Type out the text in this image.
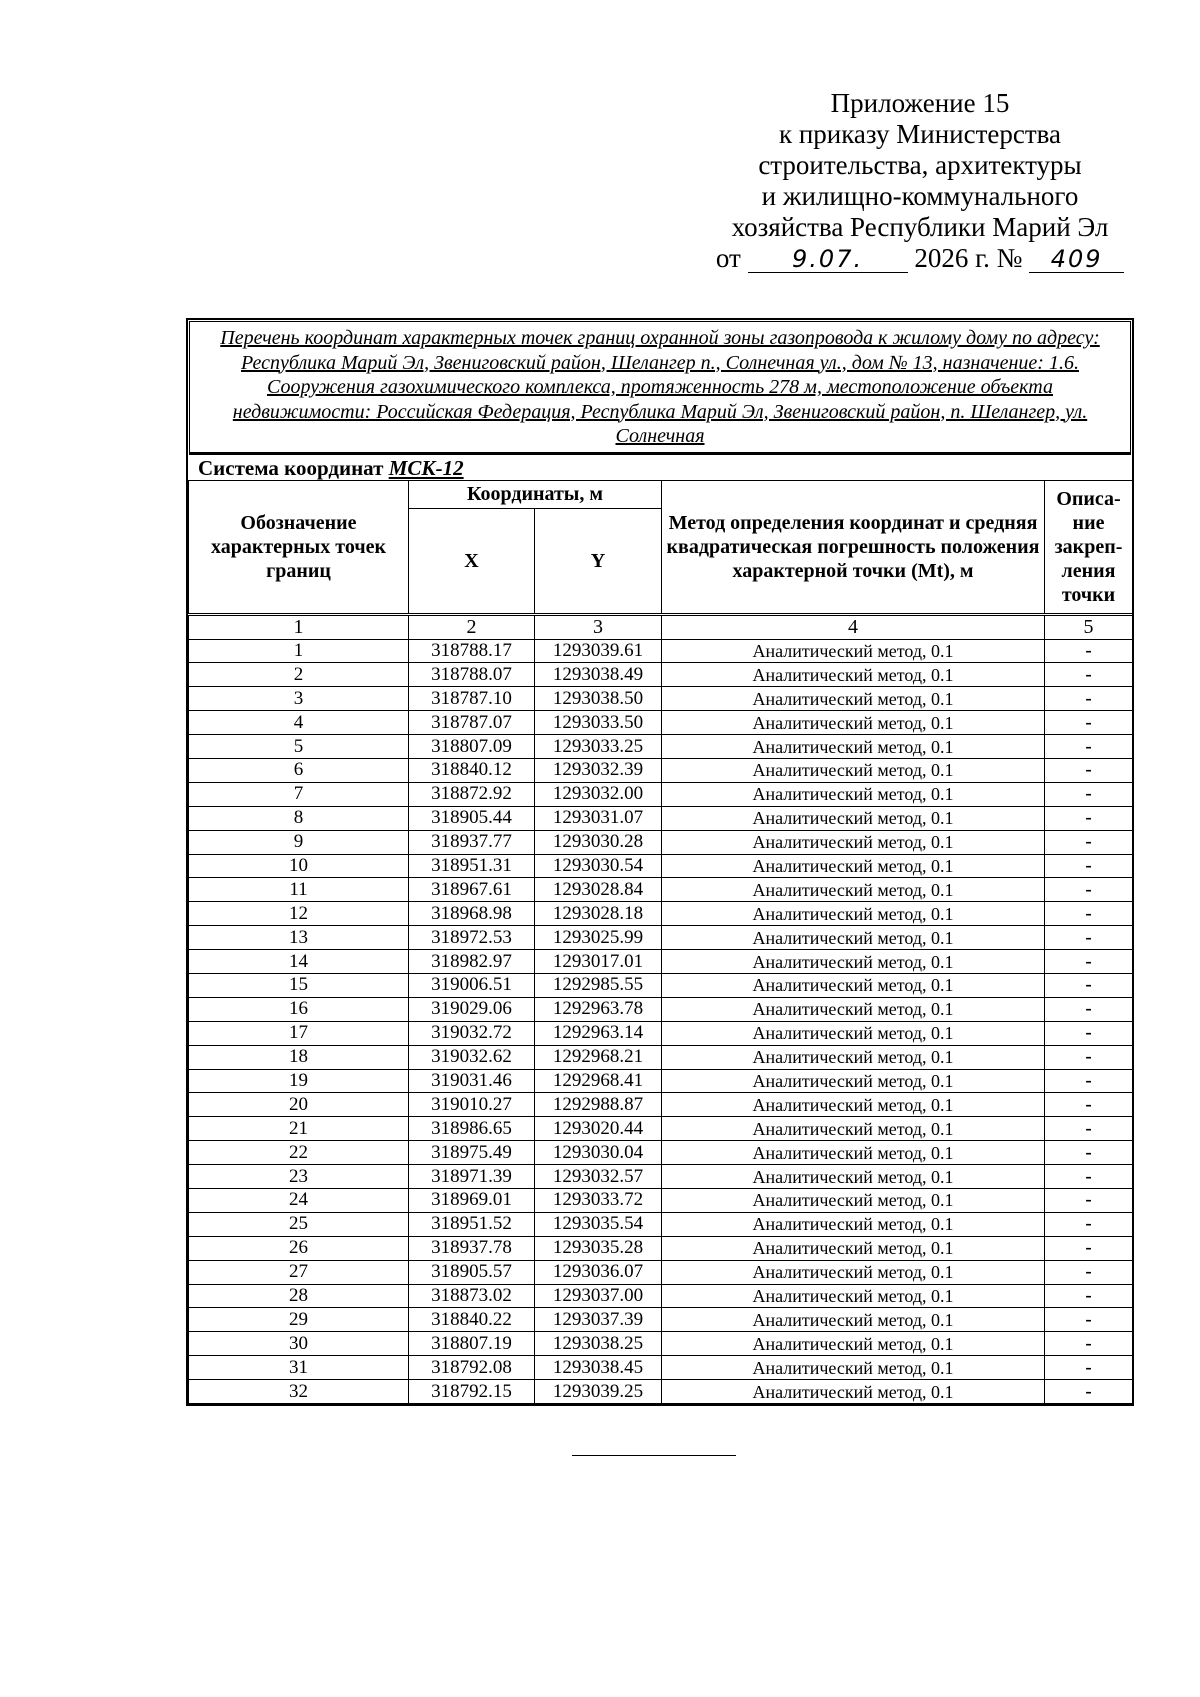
Приложение 15
к приказу Министерства
строительства, архитектуры
и жилищно-коммунального
хозяйства Республики Марий Эл
от 9.07. 2026 г. № 409
Перечень координат характерных точек границ охранной зоны газопровода к жилому дому по адресу: Республика Марий Эл, Звениговский район, Шелангер п., Солнечная ул., дом № 13, назначение: 1.6. Сооружения газохимического комплекса, протяженность 278 м, местоположение объекта недвижимости: Российская Федерация, Республика Марий Эл, Звениговский район, п. Шелангер, ул. Солнечная
Система координат МСК-12
Обозначение характерных точек границ	Координаты, м		Метод определения координат и средняя квадратическая погрешность положения характерной точки (Mt), м	Описа-ние закреп-ления точки
	X	Y		
1	2	3	4	5
1	318788.17	1293039.61	Аналитический метод, 0.1	-
2	318788.07	1293038.49	Аналитический метод, 0.1	-
3	318787.10	1293038.50	Аналитический метод, 0.1	-
4	318787.07	1293033.50	Аналитический метод, 0.1	-
5	318807.09	1293033.25	Аналитический метод, 0.1	-
6	318840.12	1293032.39	Аналитический метод, 0.1	-
7	318872.92	1293032.00	Аналитический метод, 0.1	-
8	318905.44	1293031.07	Аналитический метод, 0.1	-
9	318937.77	1293030.28	Аналитический метод, 0.1	-
10	318951.31	1293030.54	Аналитический метод, 0.1	-
11	318967.61	1293028.84	Аналитический метод, 0.1	-
12	318968.98	1293028.18	Аналитический метод, 0.1	-
13	318972.53	1293025.99	Аналитический метод, 0.1	-
14	318982.97	1293017.01	Аналитический метод, 0.1	-
15	319006.51	1292985.55	Аналитический метод, 0.1	-
16	319029.06	1292963.78	Аналитический метод, 0.1	-
17	319032.72	1292963.14	Аналитический метод, 0.1	-
18	319032.62	1292968.21	Аналитический метод, 0.1	-
19	319031.46	1292968.41	Аналитический метод, 0.1	-
20	319010.27	1292988.87	Аналитический метод, 0.1	-
21	318986.65	1293020.44	Аналитический метод, 0.1	-
22	318975.49	1293030.04	Аналитический метод, 0.1	-
23	318971.39	1293032.57	Аналитический метод, 0.1	-
24	318969.01	1293033.72	Аналитический метод, 0.1	-
25	318951.52	1293035.54	Аналитический метод, 0.1	-
26	318937.78	1293035.28	Аналитический метод, 0.1	-
27	318905.57	1293036.07	Аналитический метод, 0.1	-
28	318873.02	1293037.00	Аналитический метод, 0.1	-
29	318840.22	1293037.39	Аналитический метод, 0.1	-
30	318807.19	1293038.25	Аналитический метод, 0.1	-
31	318792.08	1293038.45	Аналитический метод, 0.1	-
32	318792.15	1293039.25	Аналитический метод, 0.1	-
